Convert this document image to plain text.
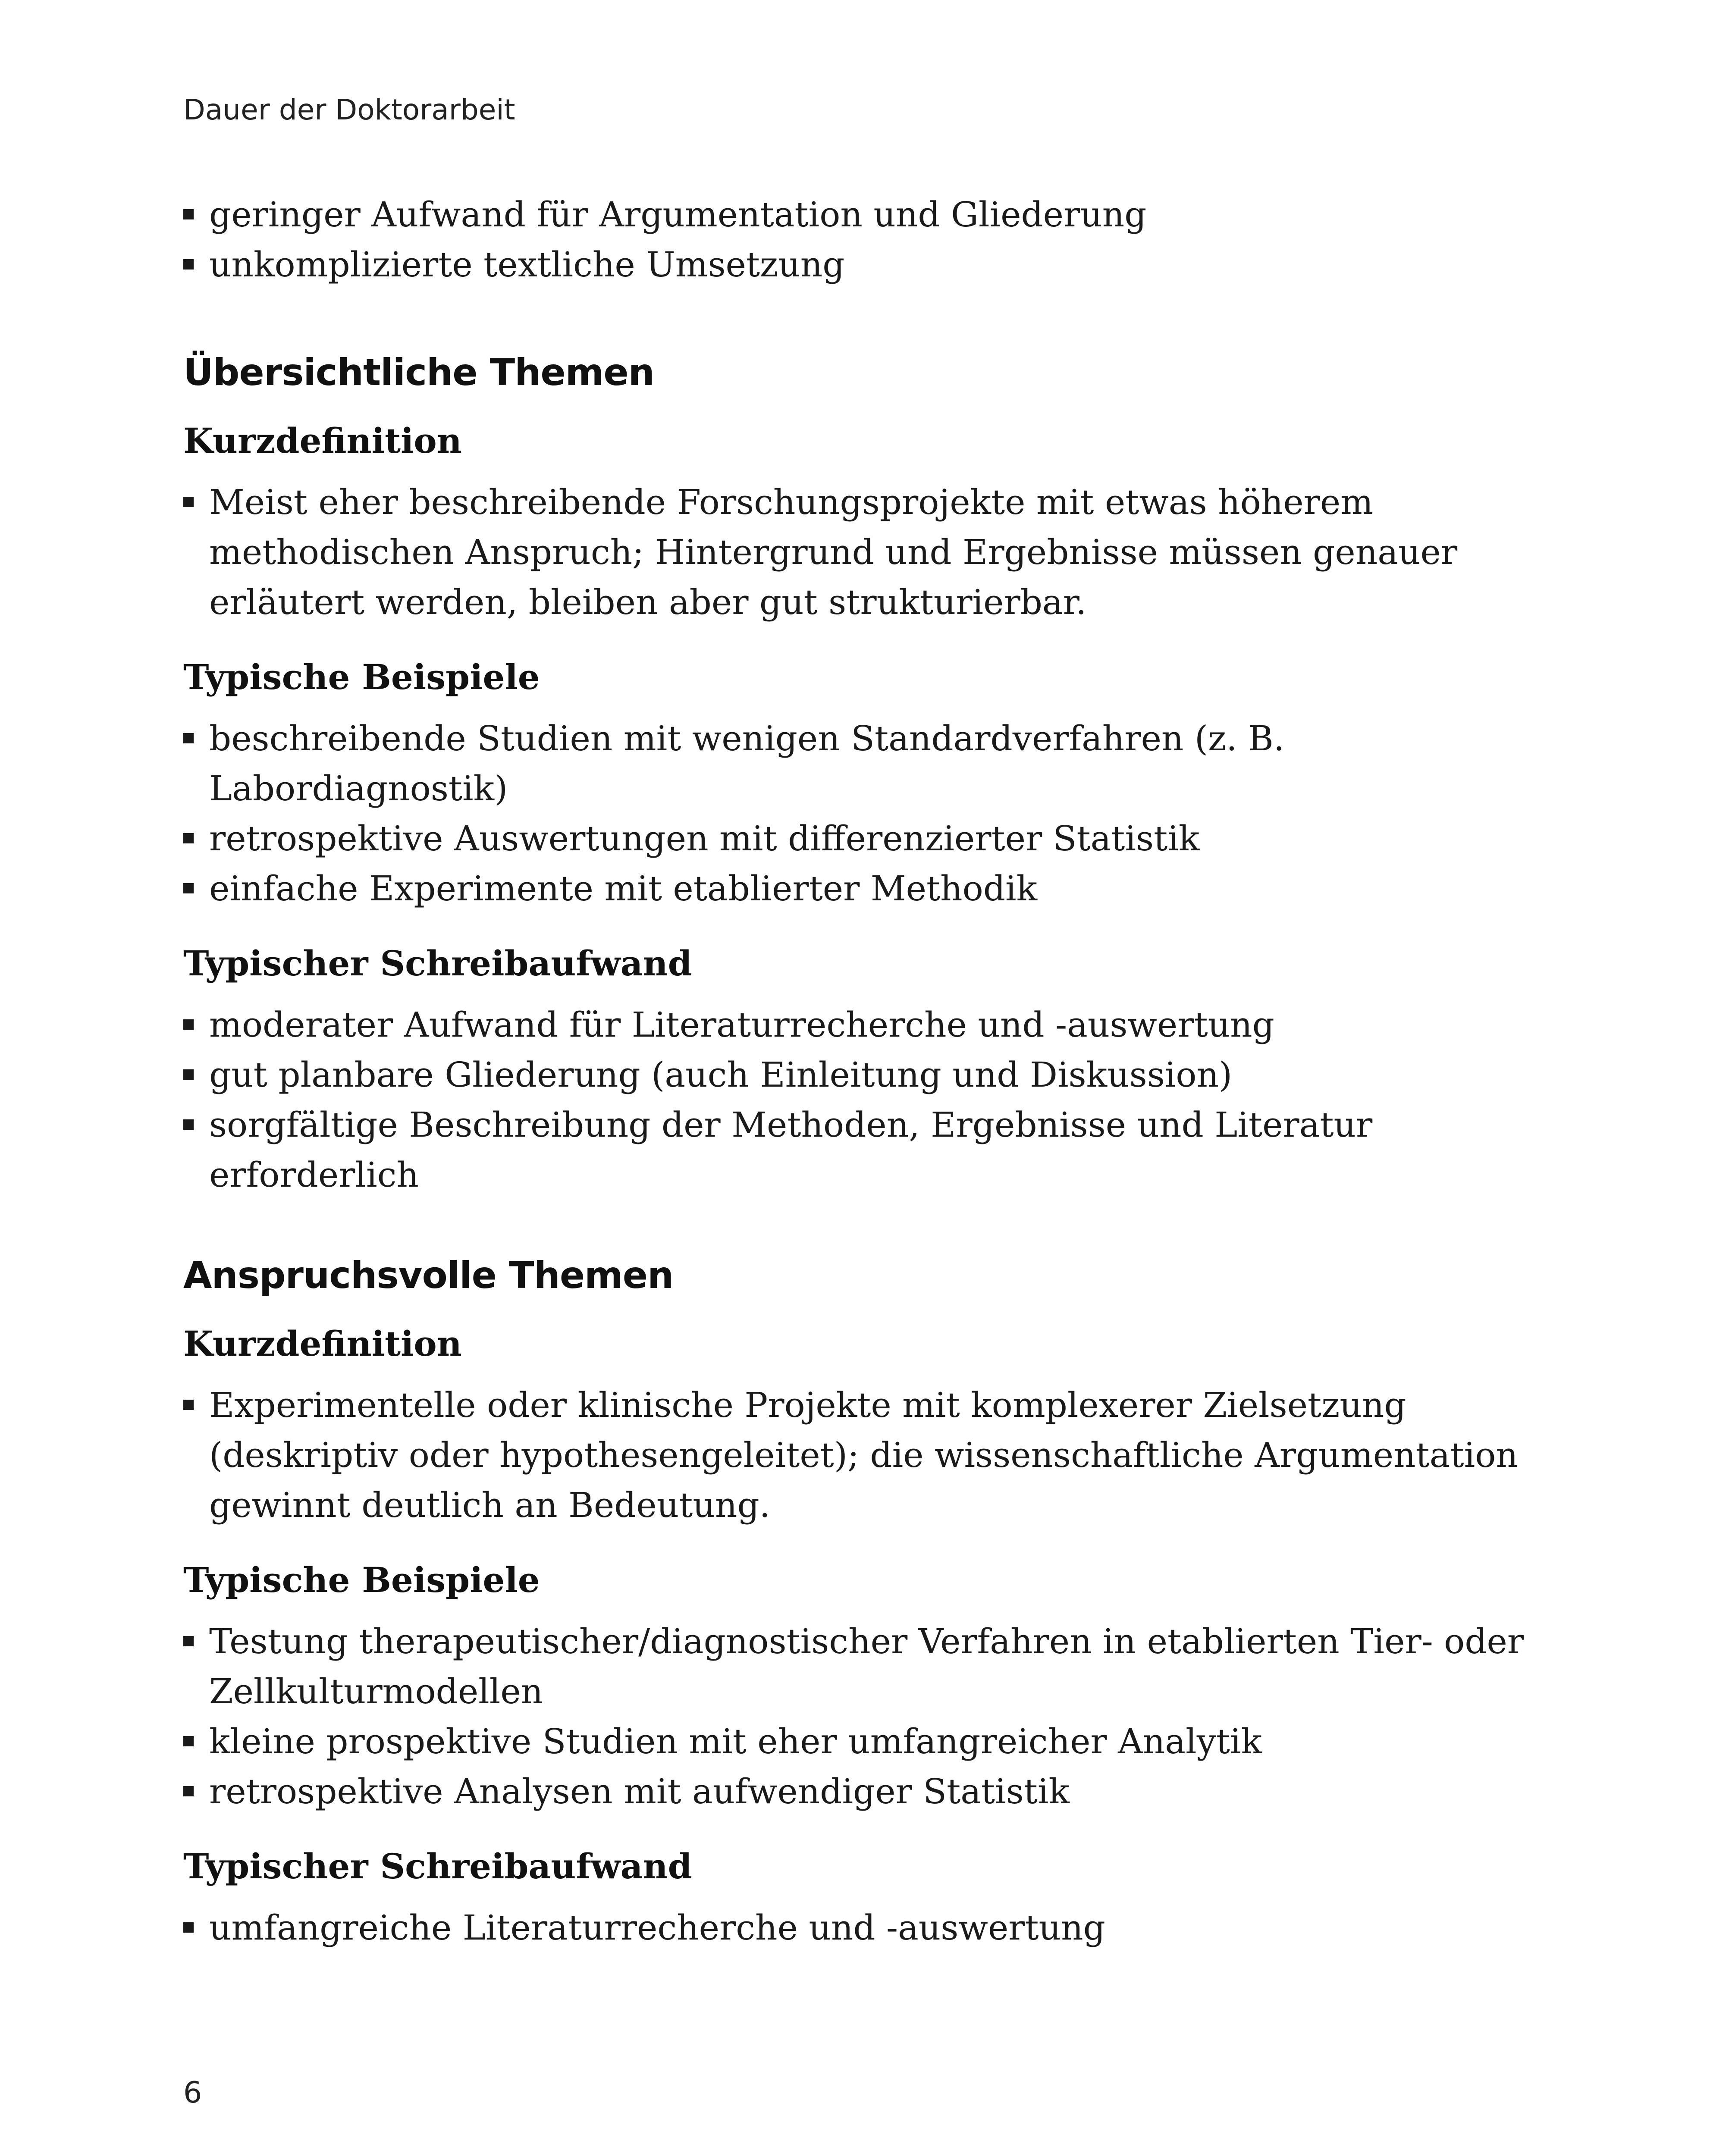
Dauer der Doktorarbeit
geringer Aufwand für Argumentation und Gliederung
unkomplizierte textliche Umsetzung
Übersichtliche Themen
Kurzdefinition
Meist eher beschreibende Forschungsprojekte mit etwas höherem methodischen Anspruch; Hintergrund und Ergebnisse müssen genauer erläutert werden, bleiben aber gut strukturierbar.
Typische Beispiele
beschreibende Studien mit wenigen Standardverfahren (z. B. Labordiagnostik)
retrospektive Auswertungen mit differenzierter Statistik
einfache Experimente mit etablierter Methodik
Typischer Schreibaufwand
moderater Aufwand für Literaturrecherche und -auswertung
gut planbare Gliederung (auch Einleitung und Diskussion)
sorgfältige Beschreibung der Methoden, Ergebnisse und Literatur erforderlich
Anspruchsvolle Themen
Kurzdefinition
Experimentelle oder klinische Projekte mit komplexerer Zielsetzung (deskriptiv oder hypothesengeleitet); die wissenschaftliche Argumentation gewinnt deutlich an Bedeutung.
Typische Beispiele
Testung therapeutischer/diagnostischer Verfahren in etablierten Tier- oder Zellkulturmodellen
kleine prospektive Studien mit eher umfangreicher Analytik
retrospektive Analysen mit aufwendiger Statistik
Typischer Schreibaufwand
umfangreiche Literaturrecherche und -auswertung
6
